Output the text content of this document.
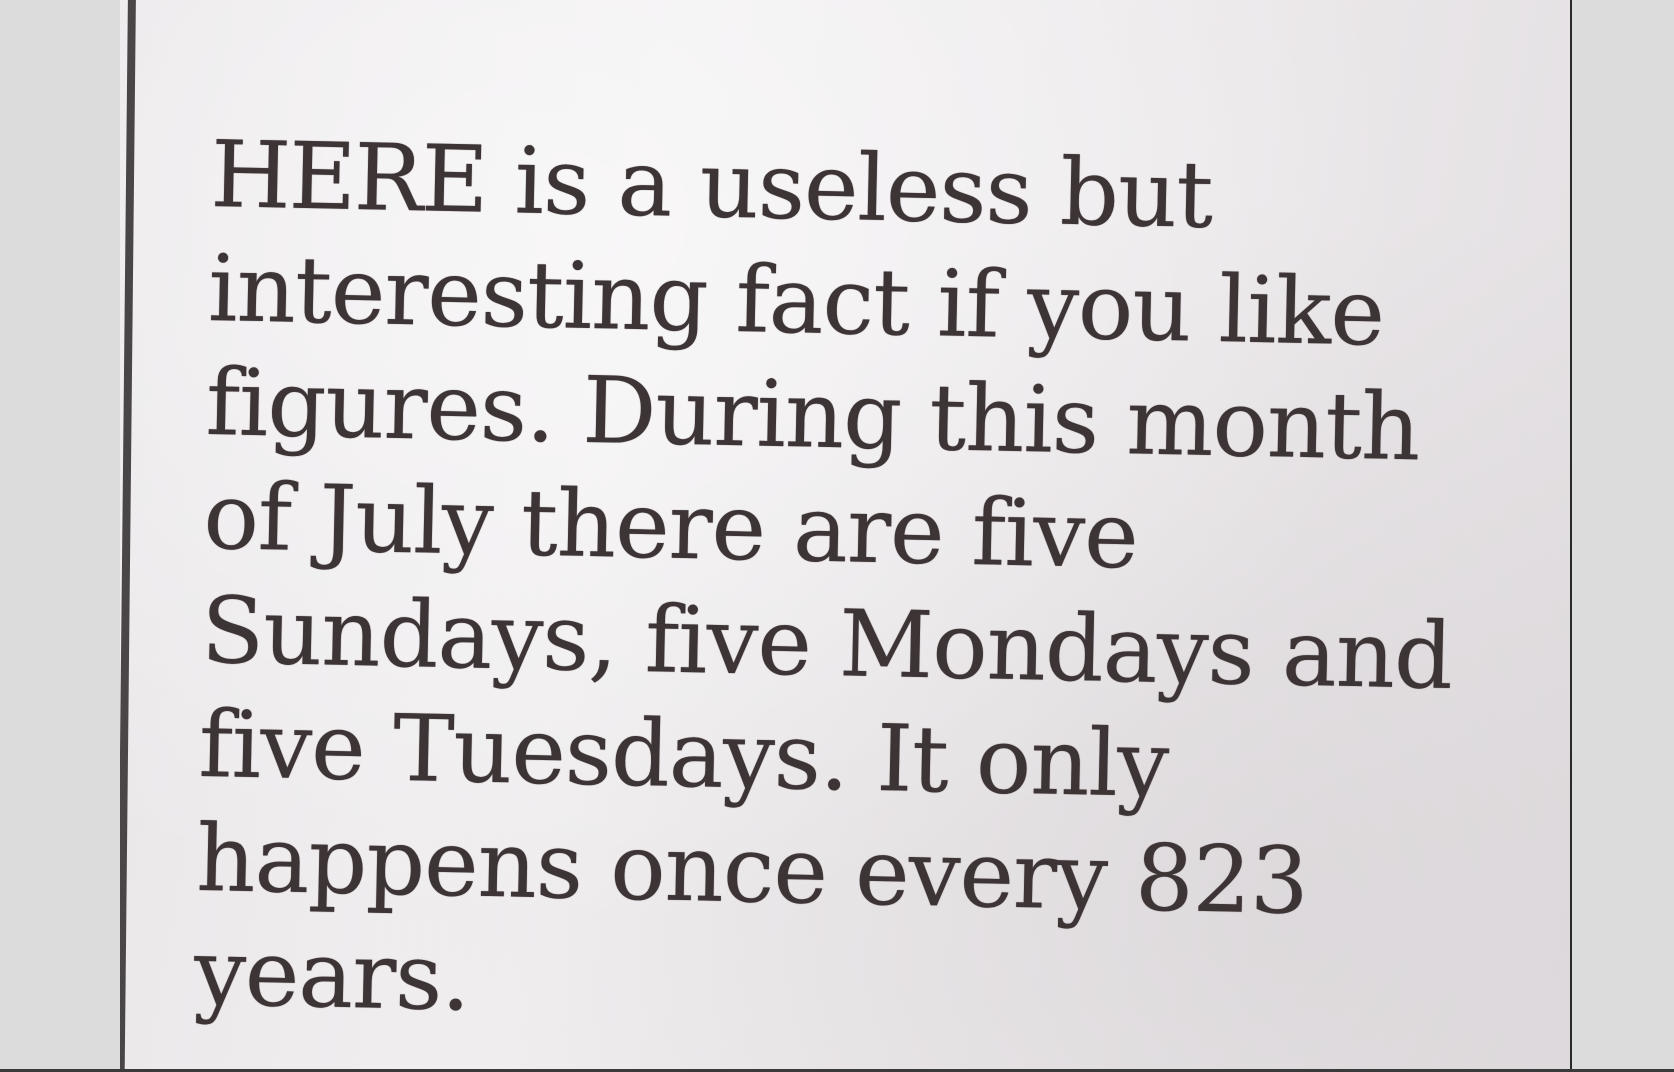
HERE is a useless but
interesting fact if you like
figures. During this month
of July there are five
Sundays, five Mondays and
five Tuesdays. It only
happens once every 823
years.
